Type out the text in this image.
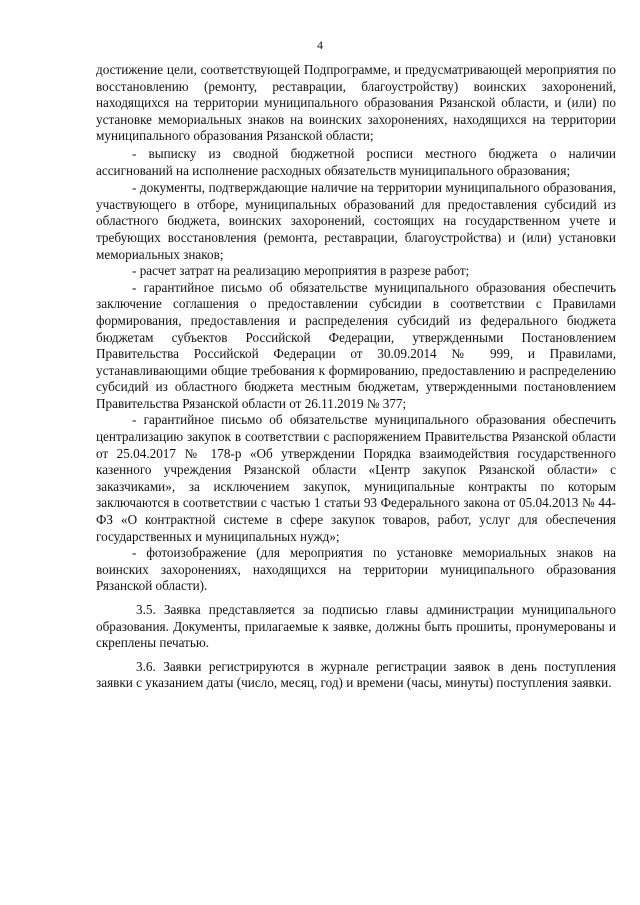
4

достижение цели, соответствующей Подпрограмме, и предусматривающей мероприятия по восстановлению (ремонту, реставрации, благоустройству) воинских захоронений, находящихся на территории муниципального образования Рязанской области, и (или) по установке мемориальных знаков на воинских захоронениях, находящихся на территории муниципального образования Рязанской области;

- выписку из сводной бюджетной росписи местного бюджета о наличии ассигнований на исполнение расходных обязательств муниципального образования;

- документы, подтверждающие наличие на территории муниципального образования, участвующего в отборе, муниципальных образований для предоставления субсидий из областного бюджета, воинских захоронений, состоящих на государственном учете и требующих восстановления (ремонта, реставрации, благоустройства) и (или) установки мемориальных знаков;

- расчет затрат на реализацию мероприятия в разрезе работ;

- гарантийное письмо об обязательстве муниципального образования обеспечить заключение соглашения о предоставлении субсидии в соответствии с Правилами формирования, предоставления и распределения субсидий из федерального бюджета бюджетам субъектов Российской Федерации, утвержденными Постановлением Правительства Российской Федерации от 30.09.2014 № 999, и Правилами, устанавливающими общие требования к формированию, предоставлению и распределению субсидий из областного бюджета местным бюджетам, утвержденными постановлением Правительства Рязанской области от 26.11.2019 № 377;

- гарантийное письмо об обязательстве муниципального образования обеспечить централизацию закупок в соответствии с распоряжением Правительства Рязанской области от 25.04.2017 № 178-р «Об утверждении Порядка взаимодействия государственного казенного учреждения Рязанской области «Центр закупок Рязанской области» с заказчиками», за исключением закупок, муниципальные контракты по которым заключаются в соответствии с частью 1 статьи 93 Федерального закона от 05.04.2013 № 44-ФЗ «О контрактной системе в сфере закупок товаров, работ, услуг для обеспечения государственных и муниципальных нужд»;

- фотоизображение (для мероприятия по установке мемориальных знаков на воинских захоронениях, находящихся на территории муниципального образования Рязанской области).

3.5. Заявка представляется за подписью главы администрации муниципального образования. Документы, прилагаемые к заявке, должны быть прошиты, пронумерованы и скреплены печатью.

3.6. Заявки регистрируются в журнале регистрации заявок в день поступления заявки с указанием даты (число, месяц, год) и времени (часы, минуты) поступления заявки.
